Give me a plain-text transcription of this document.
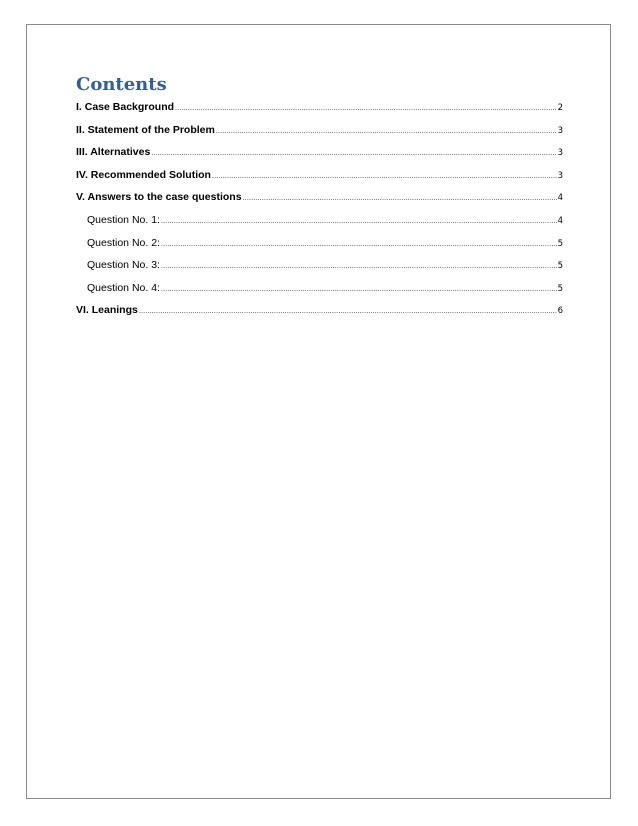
Contents
I. Case Background .....	2
II. Statement of the Problem .....	3
III. Alternatives .....	3
IV. Recommended Solution .....	3
V. Answers to the case questions .....	4
Question No. 1: .....	4
Question No. 2: .....	5
Question No. 3: .....	5
Question No. 4: .....	5
VI. Leanings .....	6
